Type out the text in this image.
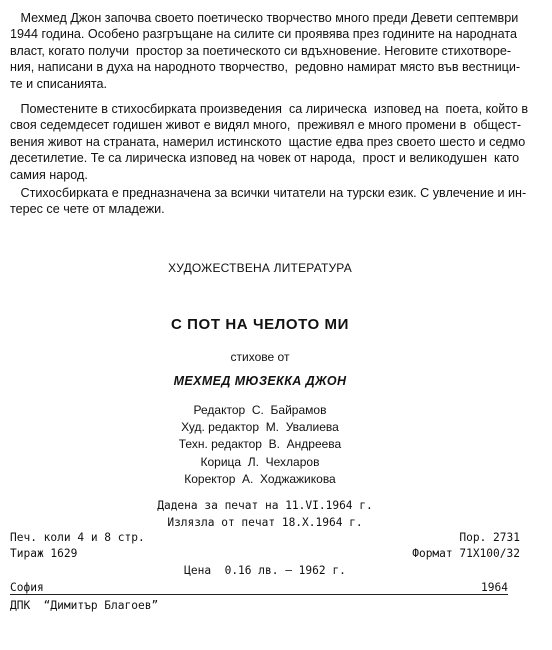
Мехмед Джон започва своето поетическо творчество много преди Девети септември
1944 година. Особено разгръщане на силите си проявява през годините на народната
власт, когато получи  простор за поетическото си вдъхновение. Неговите стихотворе-
ния, написани в духа на народното творчество,  редовно намират място във вестници-
те и списанията.

Поместените в стихосбирката произведения  са лирическа  изповед на  поета, който в
своя седемдесет годишен живот е видял много,  преживял е много промени в  общест-
вения живот на страната, намерил истинското  щастие едва през своето шесто и седмо
десетилетие. Те са лирическа изповед на човек от народа,  прост и великодушен  като
самия народ.

Стихосбирката е предназначена за всички читатели на турски език. С увлечение и ин-
терес се чете от младежи.

ХУДОЖЕСТВЕНА ЛИТЕРАТУРА
С ПОТ НА ЧЕЛОТО МИ
стихове от
МЕХМЕД МЮЗЕККА ДЖОН
Редактор  С.  Байрамов
Худ. редактор  М.  Увалиева
Техн. редактор  В.  Андреева
Корица  Л.  Чехларов
Коректор  А.  Ходжажикова
Дадена за печат на 11.VI.1964 г.
Излязла от печат 18.X.1964 г.
Печ. коли 4 и 8 стр.	Пор. 2731
Тираж 1629	Формат 71Х100/32
Цена  0.16 лв. – 1962 г.
София	1964
ДПК  “Димитър Благоев”
